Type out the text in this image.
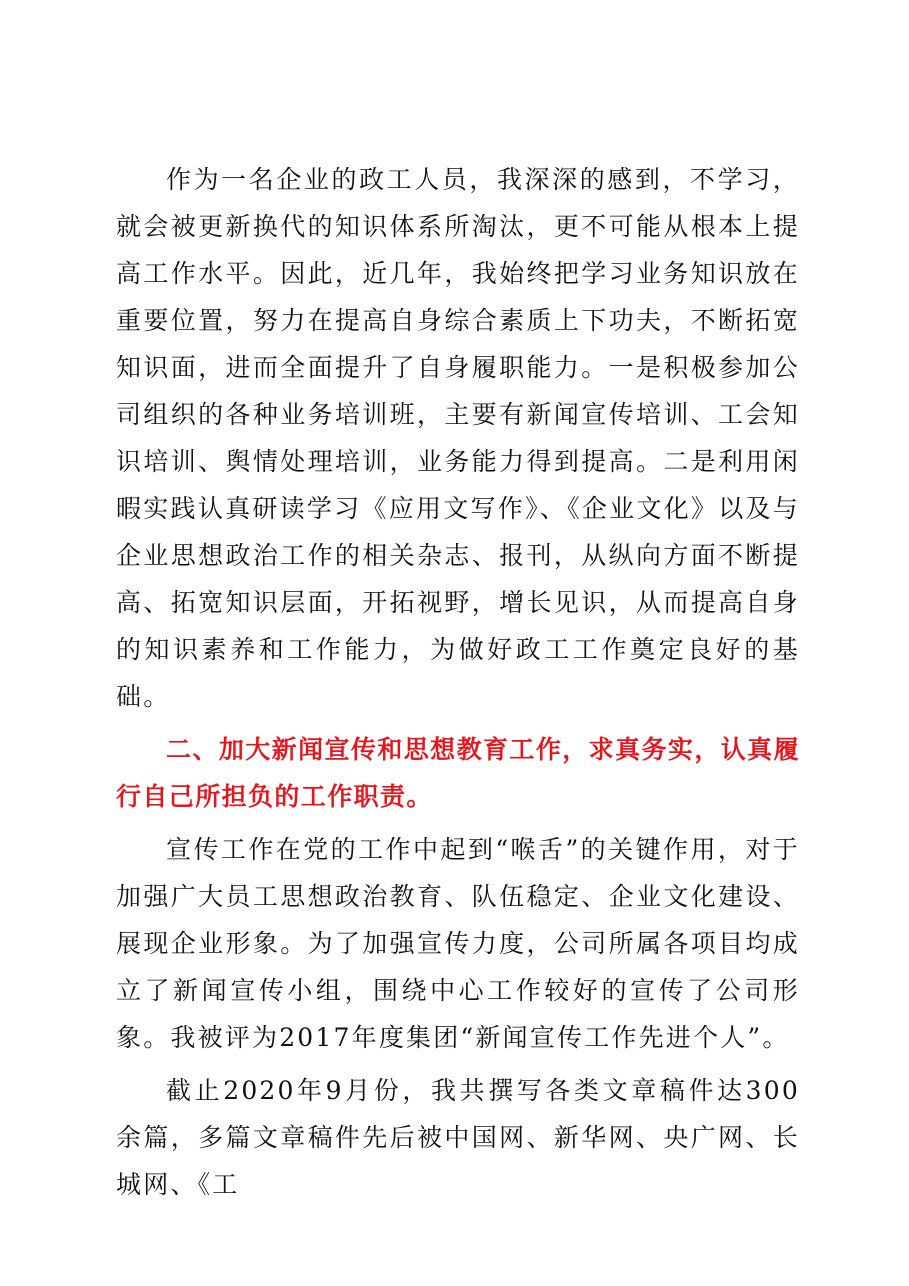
作为一名企业的政工人员，我深深的感到，不学习，就会被更新换代的知识体系所淘汰，更不可能从根本上提高工作水平。因此，近几年，我始终把学习业务知识放在重要位置，努力在提高自身综合素质上下功夫，不断拓宽知识面，进而全面提升了自身履职能力。一是积极参加公司组织的各种业务培训班，主要有新闻宣传培训、工会知识培训、舆情处理培训，业务能力得到提高。二是利用闲暇实践认真研读学习《应用文写作》、《企业文化》以及与企业思想政治工作的相关杂志、报刊，从纵向方面不断提高、拓宽知识层面，开拓视野，增长见识，从而提高自身的知识素养和工作能力，为做好政工工作奠定良好的基础。

二、加大新闻宣传和思想教育工作，求真务实，认真履行自己所担负的工作职责。

宣传工作在党的工作中起到“喉舌”的关键作用，对于加强广大员工思想政治教育、队伍稳定、企业文化建设、展现企业形象。为了加强宣传力度，公司所属各项目均成立了新闻宣传小组，围绕中心工作较好的宣传了公司形象。我被评为2017年度集团“新闻宣传工作先进个人”。

截止2020年9月份，我共撰写各类文章稿件达300余篇，多篇文章稿件先后被中国网、新华网、央广网、长城网、《工
